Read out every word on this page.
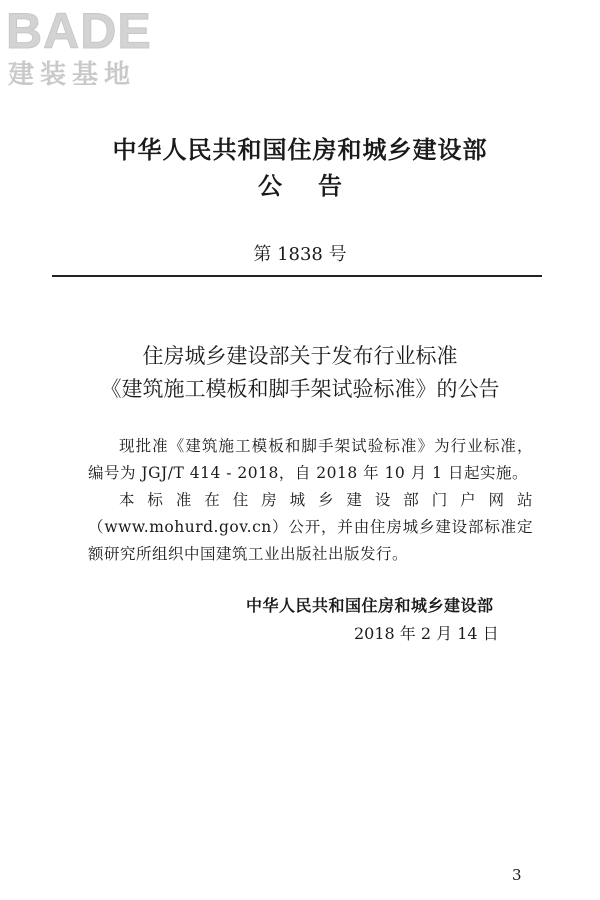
BADE
建装基地
中华人民共和国住房和城乡建设部
公告
第 1838 号
住房城乡建设部关于发布行业标准
《建筑施工模板和脚手架试验标准》的公告
现批准《建筑施工模板和脚手架试验标准》为行业标准，编号为 JGJ/T 414 - 2018，自 2018 年 10 月 1 日起实施。
本标准在住房城乡建设部门户网站（www.mohurd.gov.cn）公开，并由住房城乡建设部标准定额研究所组织中国建筑工业出版社出版发行。
中华人民共和国住房和城乡建设部
2018 年 2 月 14 日
3
